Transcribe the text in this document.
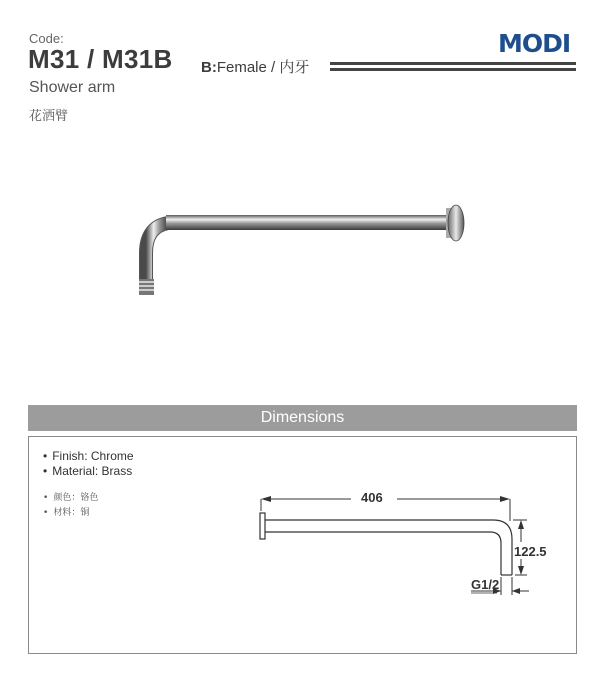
Code:
M31 / M31B B:Female / 内牙
MODI
Shower arm
花洒臂
Dimensions
• Finish: Chrome
• Material: Brass
• 颜色：铬色
• 材料：铜
406
122.5
G1/2
